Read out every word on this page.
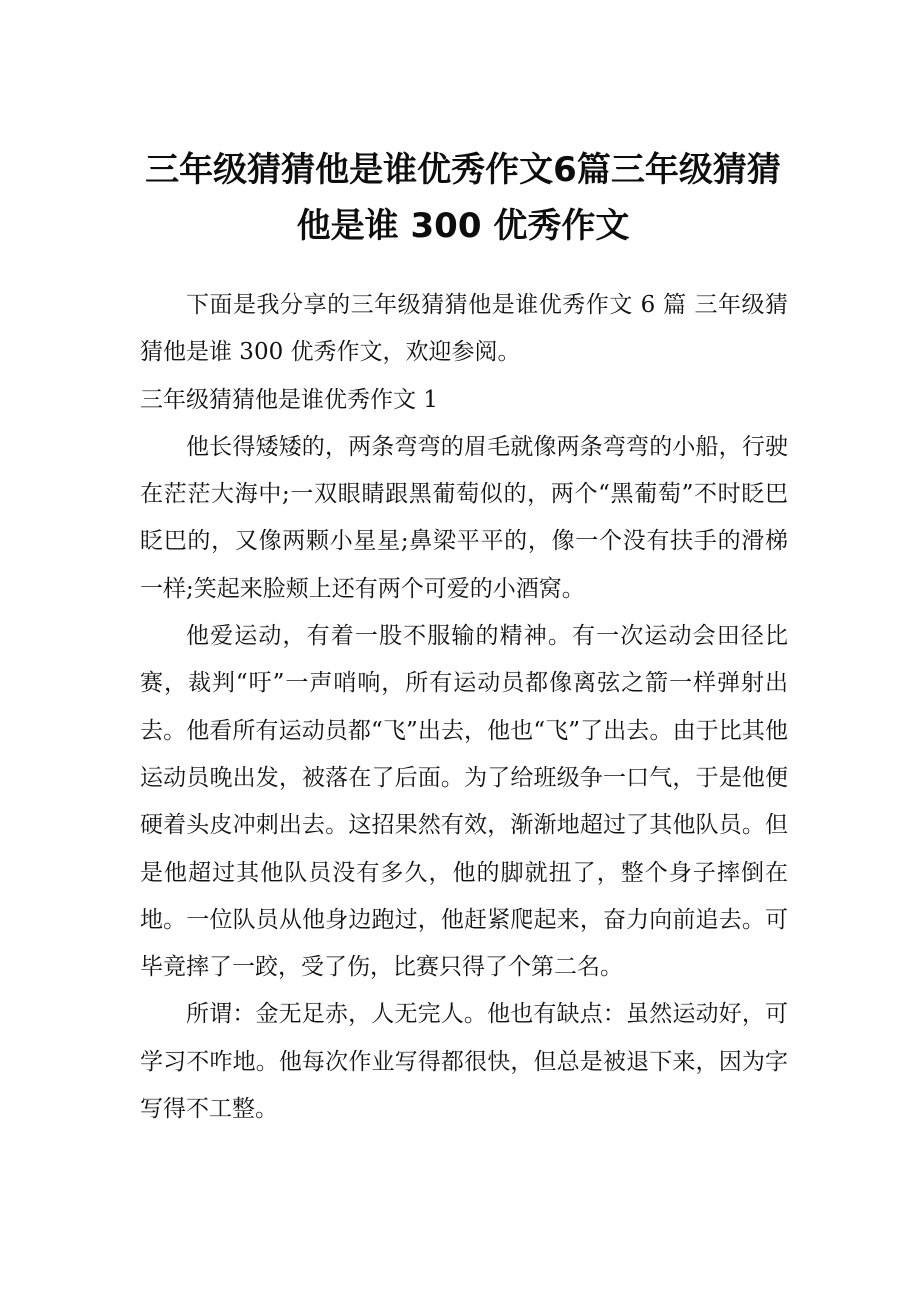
三年级猜猜他是谁优秀作文6篇三年级猜猜他是谁 300 优秀作文

下面是我分享的三年级猜猜他是谁优秀作文 6 篇 三年级猜猜他是谁 300 优秀作文，欢迎参阅。

三年级猜猜他是谁优秀作文 1

他长得矮矮的，两条弯弯的眉毛就像两条弯弯的小船，行驶在茫茫大海中;一双眼睛跟黑葡萄似的，两个“黑葡萄”不时眨巴眨巴的，又像两颗小星星;鼻梁平平的，像一个没有扶手的滑梯一样;笑起来脸颊上还有两个可爱的小酒窝。

他爱运动，有着一股不服输的精神。有一次运动会田径比赛，裁判“吁”一声哨响，所有运动员都像离弦之箭一样弹射出去。他看所有运动员都“飞”出去，他也“飞”了出去。由于比其他运动员晚出发，被落在了后面。为了给班级争一口气，于是他便硬着头皮冲刺出去。这招果然有效，渐渐地超过了其他队员。但是他超过其他队员没有多久，他的脚就扭了，整个身子摔倒在地。一位队员从他身边跑过，他赶紧爬起来，奋力向前追去。可毕竟摔了一跤，受了伤，比赛只得了个第二名。

所谓：金无足赤，人无完人。他也有缺点：虽然运动好，可学习不咋地。他每次作业写得都很快，但总是被退下来，因为字写得不工整。
